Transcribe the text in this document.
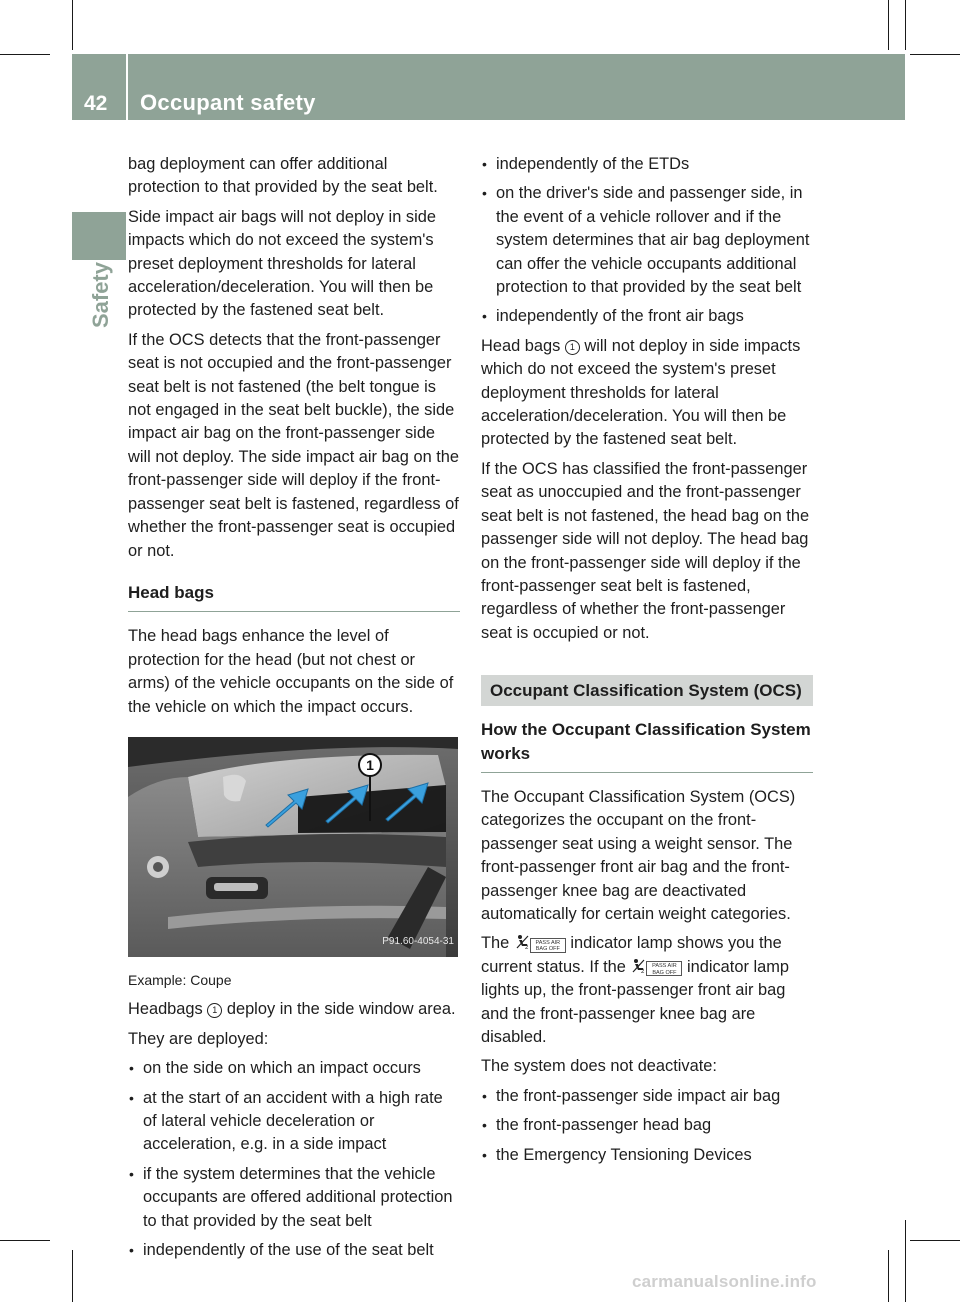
42 Occupant safety
Safety

bag deployment can offer additional protection to that provided by the seat belt.

Side impact air bags will not deploy in side impacts which do not exceed the system's preset deployment thresholds for lateral acceleration/deceleration. You will then be protected by the fastened seat belt.

If the OCS detects that the front-passenger seat is not occupied and the front-passenger seat belt is not fastened (the belt tongue is not engaged in the seat belt buckle), the side impact air bag on the front-passenger side will not deploy. The side impact air bag on the front-passenger side will deploy if the front-passenger seat belt is fastened, regardless of whether the front-passenger seat is occupied or not.

Head bags

The head bags enhance the level of protection for the head (but not chest or arms) of the vehicle occupants on the side of the vehicle on which the impact occurs.

1
P91.60-4054-31

Example: Coupe

Headbags 1 deploy in the side window area.

They are deployed:

• on the side on which an impact occurs
• at the start of an accident with a high rate of lateral vehicle deceleration or acceleration, e.g. in a side impact
• if the system determines that the vehicle occupants are offered additional protection to that provided by the seat belt
• independently of the use of the seat belt
• independently of the ETDs
• on the driver's side and passenger side, in the event of a vehicle rollover and if the system determines that air bag deployment can offer the vehicle occupants additional protection to that provided by the seat belt
• independently of the front air bags

Head bags 1 will not deploy in side impacts which do not exceed the system's preset deployment thresholds for lateral acceleration/deceleration. You will then be protected by the fastened seat belt.

If the OCS has classified the front-passenger seat as unoccupied and the front-passenger seat belt is not fastened, the head bag on the passenger side will not deploy. The head bag on the front-passenger side will deploy if the front-passenger seat belt is fastened, regardless of whether the front-passenger seat is occupied or not.

Occupant Classification System (OCS)
How the Occupant Classification System works

The Occupant Classification System (OCS) categorizes the occupant on the front-passenger seat using a weight sensor. The front-passenger front air bag and the front-passenger knee bag are deactivated automatically for certain weight categories.

The 2
PASS AIR BAG OFF indicator lamp shows you the current status. If the 2
PASS AIR BAG OFF indicator lamp lights up, the front-passenger front air bag and the front-passenger knee bag are disabled.

The system does not deactivate:

• the front-passenger side impact air bag
• the front-passenger head bag
• the Emergency Tensioning Devices
carmanualsonline.info
